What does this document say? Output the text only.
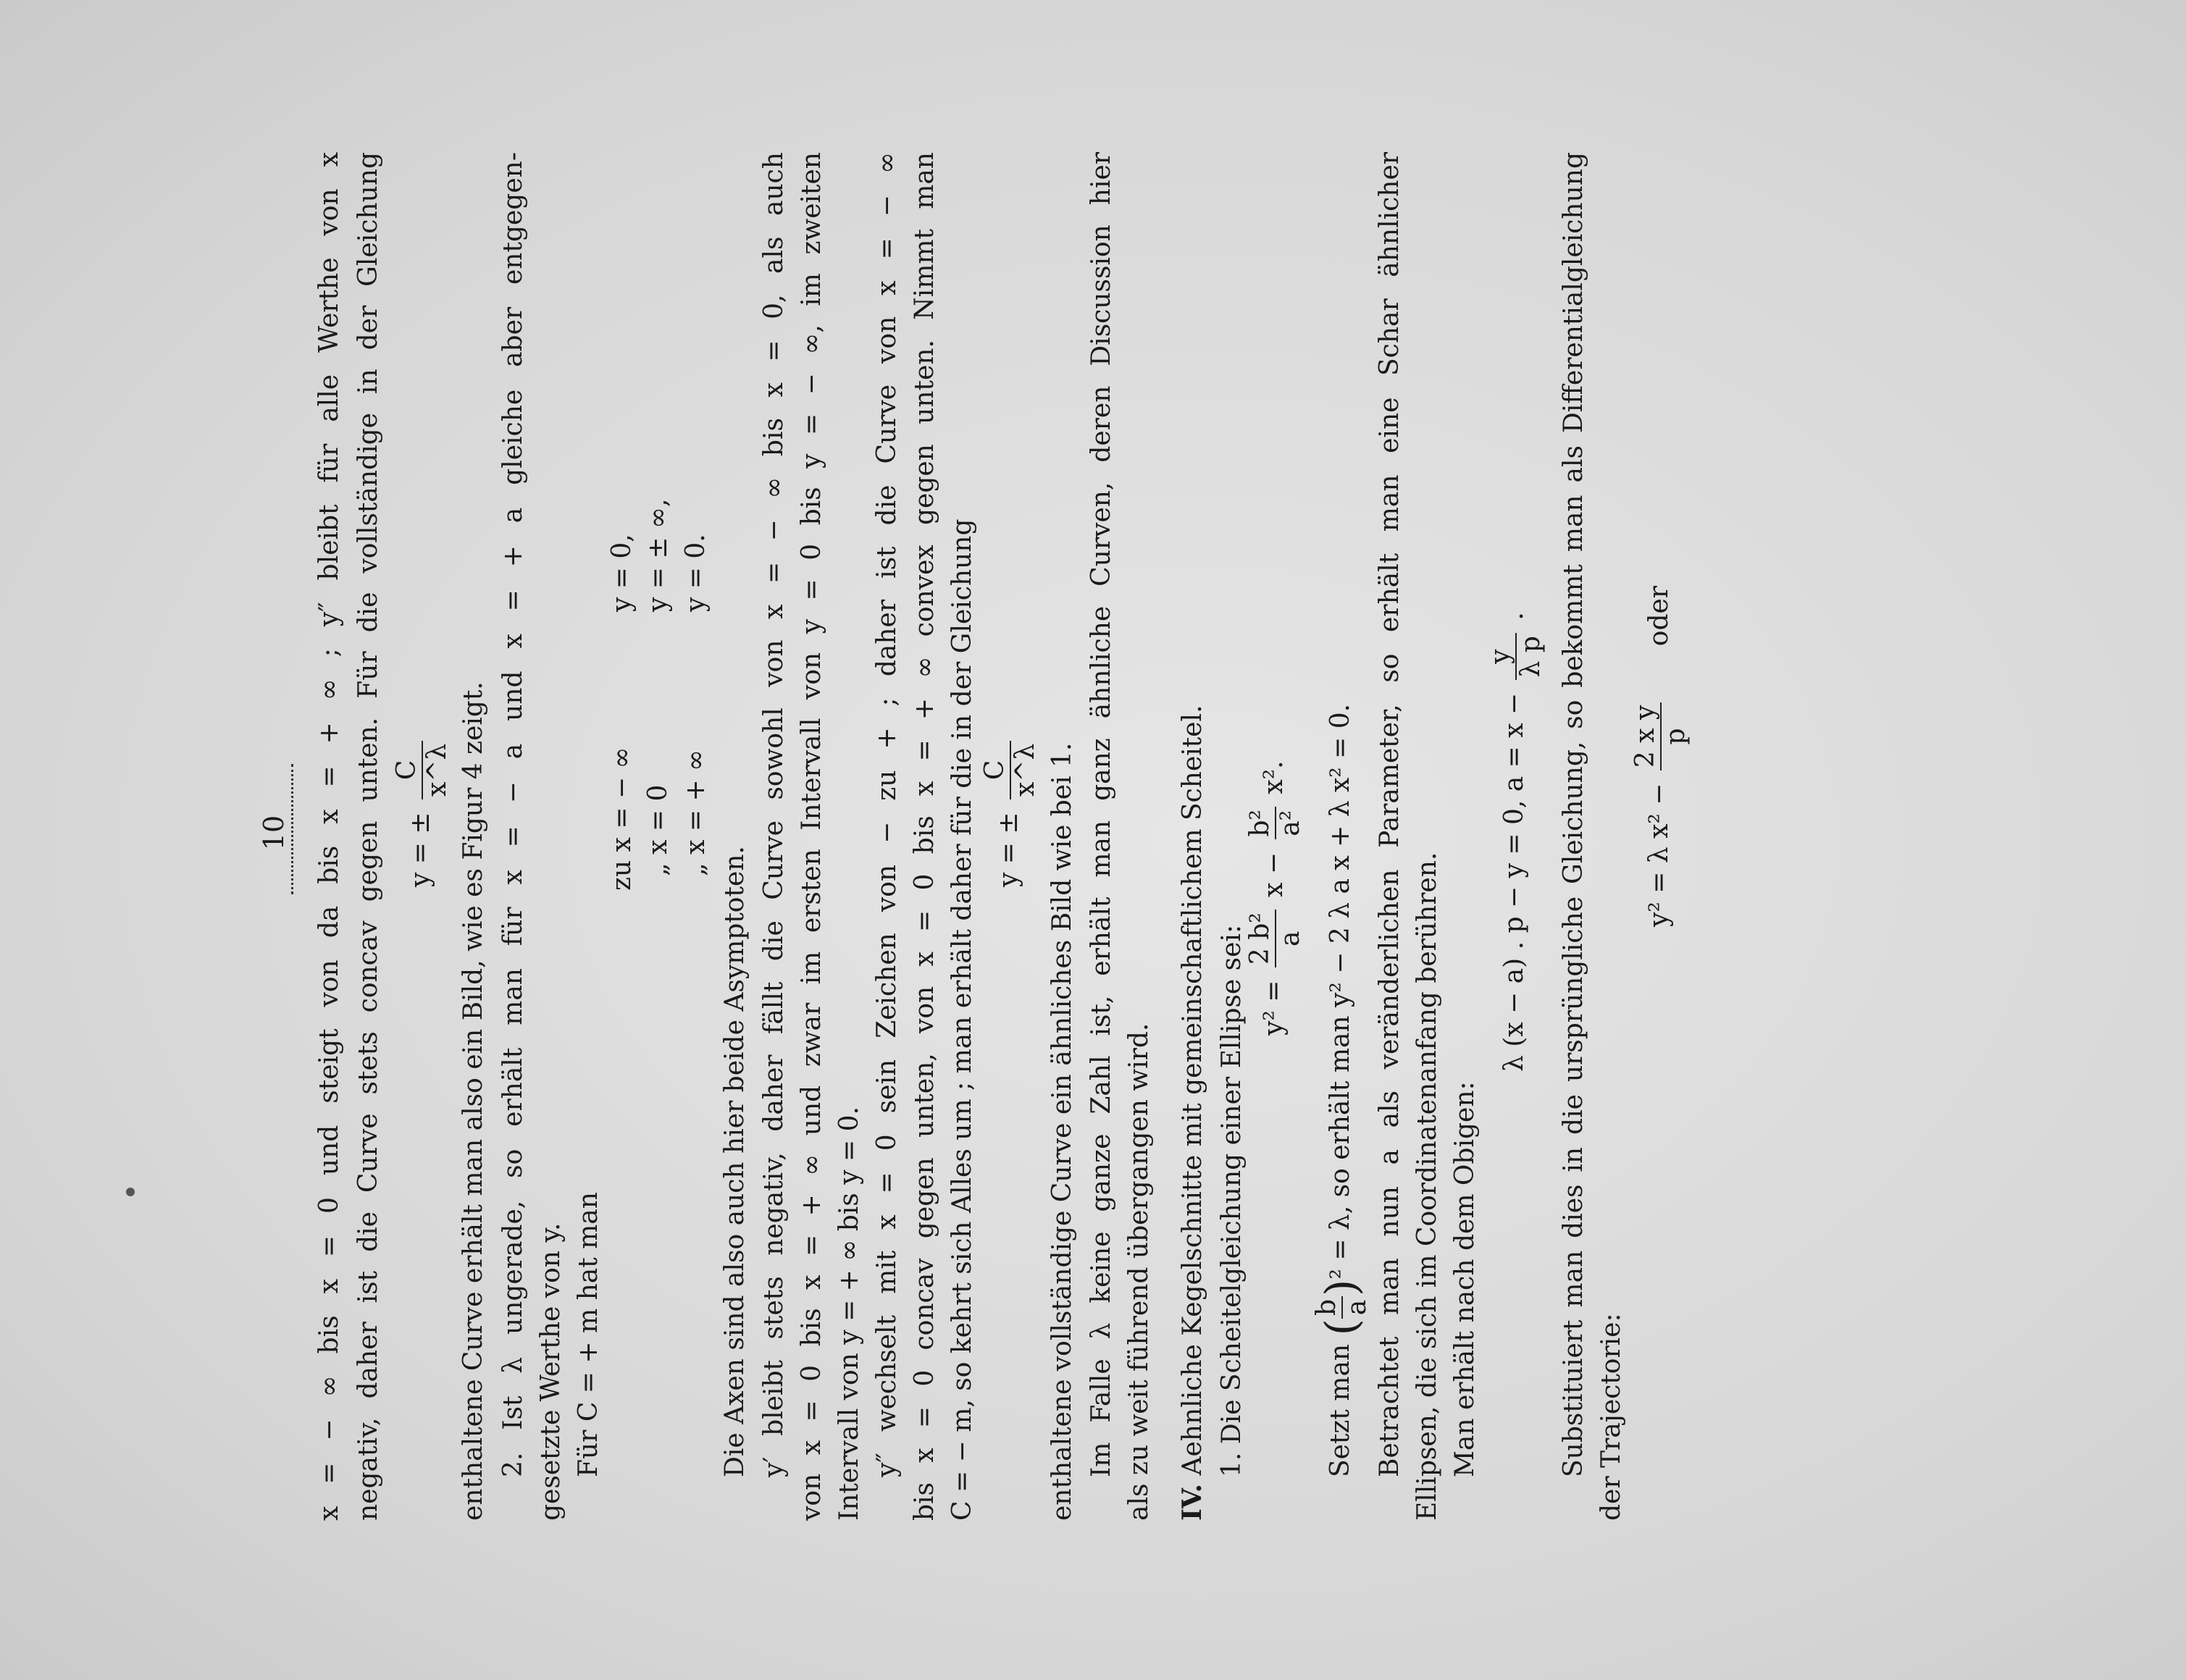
10 x = − ∞ bis x = 0 und steigt von da bis x = + ∞ ; y″ bleibt für alle Werthe von x negativ, daher ist die Curve stets concav gegen unten. Für die vollständige in der Gleichung y = ±
C x^λ enthaltene Curve erhält man also ein Bild, wie es Figur 4 zeigt. 2. Ist λ ungerade, so erhält man für x = − a und x = + a gleiche aber entgegen- gesetzte Werthe von y. Für C = + m hat man
zu x = − ∞
y = 0,
„ x = 0
y = ± ∞,
„ x = + ∞
y = 0.
Die Axen sind also auch hier beide Asymptoten. y′ bleibt stets negativ, daher fällt die Curve sowohl von x = − ∞ bis x = 0, als auch von x = 0 bis x = + ∞ und zwar im ersten Intervall von y = 0 bis y = − ∞, im zweiten Intervall von y = + ∞ bis y = 0. y″ wechselt mit x = 0 sein Zeichen von − zu + ; daher ist die Curve von x = − ∞ bis x = 0 concav gegen unten, von x = 0 bis x = + ∞ convex gegen unten. Nimmt man C = − m, so kehrt sich Alles um ; man erhält daher für die in der Gleichung y = ±
C x^λ enthaltene vollständige Curve ein ähnliches Bild wie bei 1. Im Falle λ keine ganze Zahl ist, erhält man ganz ähnliche Curven, deren Discussion hier als zu weit führend übergangen wird. IV. Aehnliche Kegelschnitte mit gemeinschaftlichem Scheitel. 1. Die Scheitelgleichung einer Ellipse sei: y² =
2 b² a
x −
b² a²
x².
Setzt man (
b a
)² = λ, so erhält man y² − 2 λ a x + λ x² = 0. Betrachtet man nun a als veränderlichen Parameter, so erhält man eine Schar ähnlicher Ellipsen, die sich im Coordinatenanfang berühren. Man erhält nach dem Obigen:
λ (x − a) . p − y = 0, a = x −
y λ p
.	Substituiert man dies in die ursprüngliche Gleichung, so bekommt man als Differentialgleichung der Trajectorie:
y² = λ x² −
2 x y p
oder
